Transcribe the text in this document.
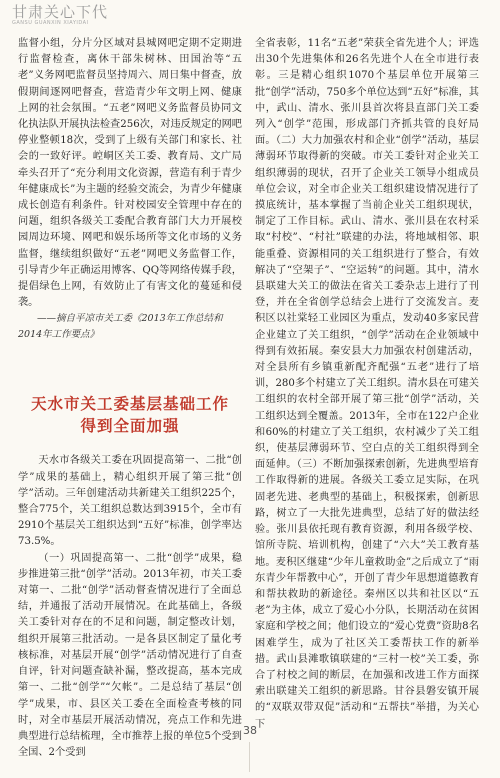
甘肃关心下代
GANSU GUANXIN XIAYIDAI

监督小组，分片分区域对县城网吧定期不定期进行监督检查，离休干部朱树林、田国治等“五老”义务网吧监督员坚持周六、周日集中督查，放假期间逐网吧督查，营造青少年文明上网、健康上网的社会氛围。“五老”网吧义务监督员协同文化执法队开展执法检查256次，对违反规定的网吧停业整顿18次，受到了上级有关部门和家长、社会的一致好评。崆峒区关工委、教育局、文广局牵头召开了“充分利用文化资源，营造有利于青少年健康成长”为主题的经验交流会，为青少年健康成长创造有利条件。针对校园安全管理中存在的问题，组织各级关工委配合教育部门大力开展校园周边环境、网吧和娱乐场所等文化市场的义务监督，继续组织做好“五老”网吧义务监督工作，引导青少年正确运用博客、QQ等网络传媒手段，提倡绿色上网，有效防止了有害文化的蔓延和侵袭。

——摘自平凉市关工委《2013年工作总结和2014年工作要点》

天水市关工委基层基础工作
得到全面加强

天水市各级关工委在巩固提高第一、二批“创学”成果的基础上，精心组织开展了第三批“创学”活动。三年创建活动共新建关工组织225个，整合775个，关工组织总数达到3915个，全市有2910个基层关工组织达到“五好”标准，创学率达73.5%。

（一）巩固提高第一、二批“创学”成果，稳步推进第三批“创学”活动。2013年初，市关工委对第一、二批“创学”活动督查情况进行了全面总结，并通报了活动开展情况。在此基础上，各级关工委针对存在的不足和问题，制定整改计划，组织开展第三批活动。一是各县区制定了量化考核标准，对基层开展“创学”活动情况进行了自查自评，针对问题查缺补漏，整改提高，基本完成第一、二批“创学”“欠帐”。二是总结了基层“创学”成果，市、县区关工委在全面检查考核的同时，对全市基层开展活动情况，亮点工作和先进典型进行总结梳理，全市推荐上报的单位5个受到全国、2个受到

全省表彰，11名“五老”荣获全省先进个人；评选出30个先进集体和26名先进个人在全市进行表彰。三是精心组织1070个基层单位开展第三批“创学”活动，750多个单位达到“五好”标准，其中，武山、清水、张川县首次将县直部门关工委列入“创学”范围，形成部门齐抓共管的良好局面。（二）大力加强农村和企业“创学”活动，基层薄弱环节取得新的突破。市关工委针对企业关工组织薄弱的现状，召开了企业关工领导小组成员单位会议，对全市企业关工组织建设情况进行了摸底统计，基本掌握了当前企业关工组织现状，制定了工作目标。武山、清水、张川县在农村采取“村校”、“村社”联建的办法，将地域相邻、职能重叠、资源相同的关工组织进行了整合，有效解决了“空架子”、“空运转”的问题。其中，清水县联建大关工的做法在省关工委杂志上进行了刊登，并在全省创学总结会上进行了交流发言。麦积区以社棠轻工业园区为重点，发动40多家民营企业建立了关工组织，“创学”活动在企业领域中得到有效拓展。秦安县大力加强农村创建活动，对全县所有乡镇重新配齐配强“五老”进行了培训，280多个村建立了关工组织。清水县在可建关工组织的农村全部开展了第三批“创学”活动，关工组织达到全覆盖。2013年，全市在122户企业和60%的村建立了关工组织，农村减少了关工组织，使基层薄弱环节、空白点的关工组织得到全面延伸。（三）不断加强探索创新，先进典型培育工作取得新的进展。各级关工委立足实际，在巩固老先进、老典型的基础上，积极探索，创新思路，树立了一大批先进典型，总结了好的做法经验。张川县依托现有教育资源，利用各级学校、馆所寺院、培训机构，创建了“六大”关工教育基地。麦积区继建“少年儿童救助金”之后成立了“雨东青少年帮教中心”，开创了青少年思想道德教育和帮扶救助的新途径。秦州区以共和社区以“五老”为主体，成立了爱心小分队，长期活动在贫困家庭和学校之间；他们设立的“爱心党费”资助8名困难学生，成为了社区关工委帮扶工作的新举措。武山县滩歌镇联建的“三村一校”关工委，弥合了村校之间的断层，在加强和改进工作方面探索出联建关工组织的新思路。甘谷县磐安镇开展的“双联双带双促”活动和“五帮扶”举措，为关心下

38
